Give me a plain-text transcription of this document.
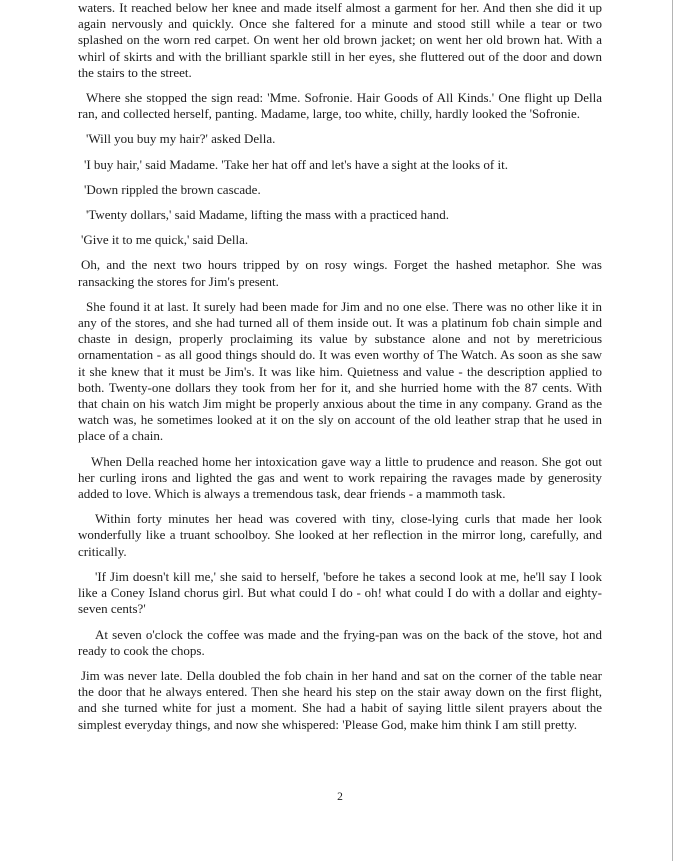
waters. It reached below her knee and made itself almost a garment for her. And then she did it up again nervously and quickly. Once she faltered for a minute and stood still while a tear or two splashed on the worn red carpet. On went her old brown jacket; on went her old brown hat. With a whirl of skirts and with the brilliant sparkle still in her eyes, she fluttered out of the door and down the stairs to the street.

Where she stopped the sign read: 'Mme. Sofronie. Hair Goods of All Kinds.' One flight up Della ran, and collected herself, panting. Madame, large, too white, chilly, hardly looked the 'Sofronie.

'Will you buy my hair?' asked Della.

'I buy hair,' said Madame. 'Take her hat off and let's have a sight at the looks of it.

'Down rippled the brown cascade.

'Twenty dollars,' said Madame, lifting the mass with a practiced hand.

'Give it to me quick,' said Della.

Oh, and the next two hours tripped by on rosy wings. Forget the hashed metaphor. She was ransacking the stores for Jim's present.

She found it at last. It surely had been made for Jim and no one else. There was no other like it in any of the stores, and she had turned all of them inside out. It was a platinum fob chain simple and chaste in design, properly proclaiming its value by substance alone and not by meretricious ornamentation - as all good things should do. It was even worthy of The Watch. As soon as she saw it she knew that it must be Jim's. It was like him. Quietness and value - the description applied to both. Twenty-one dollars they took from her for it, and she hurried home with the 87 cents. With that chain on his watch Jim might be properly anxious about the time in any company. Grand as the watch was, he sometimes looked at it on the sly on account of the old leather strap that he used in place of a chain.

When Della reached home her intoxication gave way a little to prudence and reason. She got out her curling irons and lighted the gas and went to work repairing the ravages made by generosity added to love. Which is always a tremendous task, dear friends - a mammoth task.

Within forty minutes her head was covered with tiny, close-lying curls that made her look wonderfully like a truant schoolboy. She looked at her reflection in the mirror long, carefully, and critically.

'If Jim doesn't kill me,' she said to herself, 'before he takes a second look at me, he'll say I look like a Coney Island chorus girl. But what could I do - oh! what could I do with a dollar and eighty-seven cents?'

At seven o'clock the coffee was made and the frying-pan was on the back of the stove, hot and ready to cook the chops.

Jim was never late. Della doubled the fob chain in her hand and sat on the corner of the table near the door that he always entered. Then she heard his step on the stair away down on the first flight, and she turned white for just a moment. She had a habit of saying little silent prayers about the simplest everyday things, and now she whispered: 'Please God, make him think I am still pretty.

2
